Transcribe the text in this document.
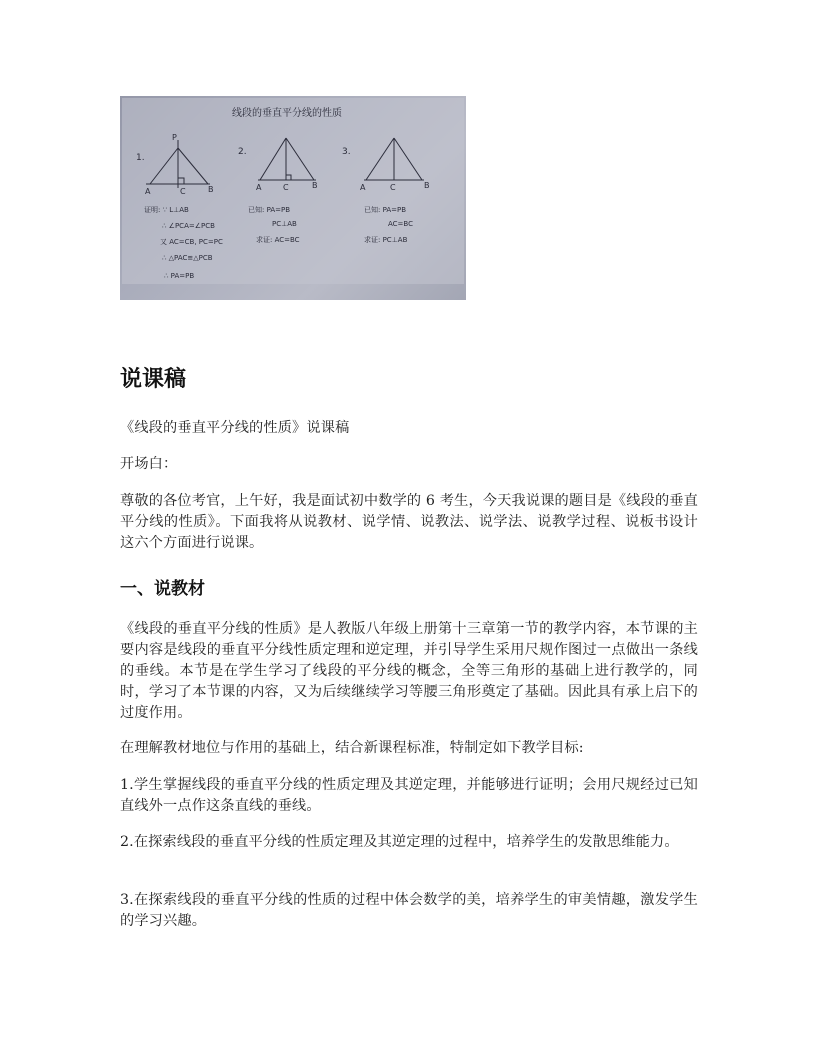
线段的垂直平分线的性质
1.
P
A	C	B
证明: ∵ L⊥AB
∴ ∠PCA=∠PCB
又 AC=CB, PC=PC
∴ △PAC≌△PCB
∴ PA=PB
2.
A	C	B
已知: PA=PB
PC⊥AB
求证: AC=BC
3.
A	C	B
已知: PA=PB
AC=BC
求证: PC⊥AB
说课稿

《线段的垂直平分线的性质》说课稿

开场白：

尊敬的各位考官，上午好，我是面试初中数学的 6 考生，今天我说课的题目是《线段的垂直平分线的性质》。下面我将从说教材、说学情、说教法、说学法、说教学过程、说板书设计这六个方面进行说课。

一、说教材

《线段的垂直平分线的性质》是人教版八年级上册第十三章第一节的教学内容，本节课的主要内容是线段的垂直平分线性质定理和逆定理，并引导学生采用尺规作图过一点做出一条线的垂线。本节是在学生学习了线段的平分线的概念，全等三角形的基础上进行教学的，同时，学习了本节课的内容，又为后续继续学习等腰三角形奠定了基础。因此具有承上启下的过度作用。

在理解教材地位与作用的基础上，结合新课程标准，特制定如下教学目标:

1.学生掌握线段的垂直平分线的性质定理及其逆定理，并能够进行证明；会用尺规经过已知直线外一点作这条直线的垂线。

2.在探索线段的垂直平分线的性质定理及其逆定理的过程中，培养学生的发散思维能力。

3.在探索线段的垂直平分线的性质的过程中体会数学的美，培养学生的审美情趣，激发学生的学习兴趣。
